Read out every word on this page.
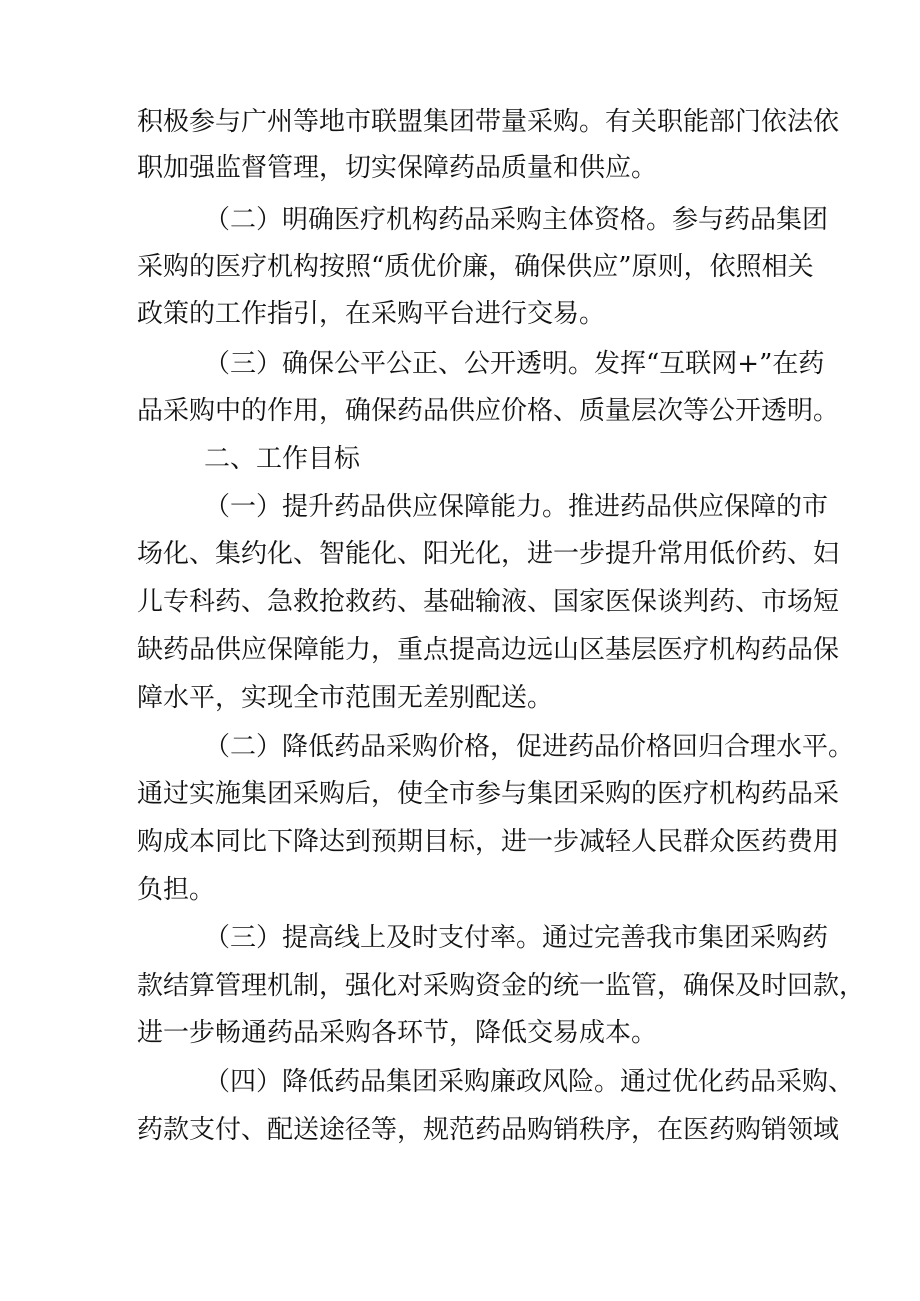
积极参与广州等地市联盟集团带量采购。有关职能部门依法依
职加强监督管理，切实保障药品质量和供应。
（二）明确医疗机构药品采购主体资格。参与药品集团
采购的医疗机构按照“质优价廉，确保供应”原则，依照相关
政策的工作指引，在采购平台进行交易。
（三）确保公平公正、公开透明。发挥“互联网+”在药
品采购中的作用，确保药品供应价格、质量层次等公开透明。
二、工作目标
（一）提升药品供应保障能力。推进药品供应保障的市
场化、集约化、智能化、阳光化，进一步提升常用低价药、妇
儿专科药、急救抢救药、基础输液、国家医保谈判药、市场短
缺药品供应保障能力，重点提高边远山区基层医疗机构药品保
障水平，实现全市范围无差别配送。
（二）降低药品采购价格，促进药品价格回归合理水平。
通过实施集团采购后，使全市参与集团采购的医疗机构药品采
购成本同比下降达到预期目标，进一步减轻人民群众医药费用
负担。
（三）提高线上及时支付率。通过完善我市集团采购药
款结算管理机制，强化对采购资金的统一监管，确保及时回款，
进一步畅通药品采购各环节，降低交易成本。
（四）降低药品集团采购廉政风险。通过优化药品采购、
药款支付、配送途径等，规范药品购销秩序，在医药购销领域
